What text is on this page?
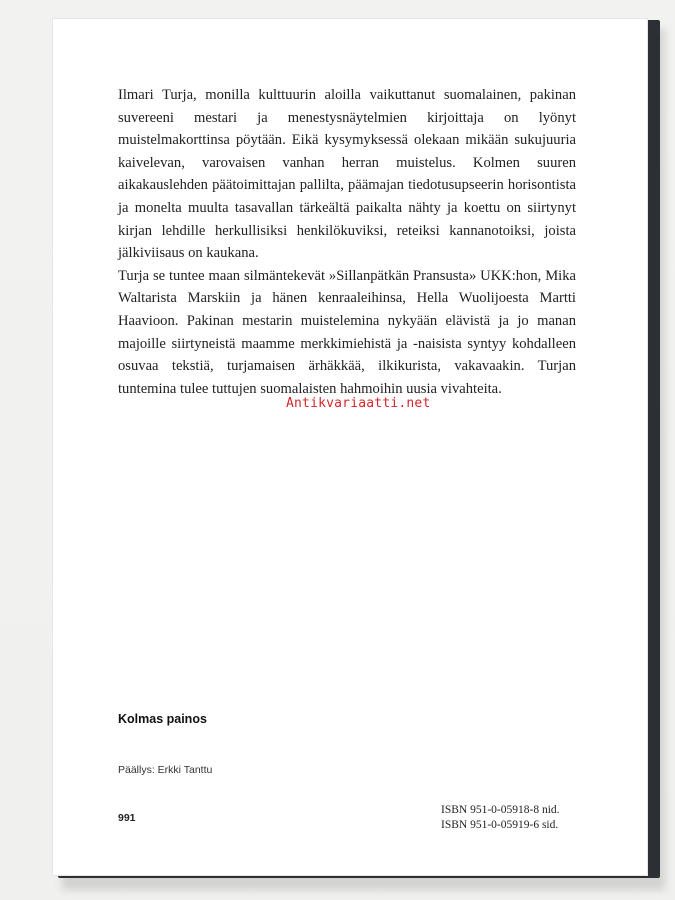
Ilmari Turja, monilla kulttuurin aloilla vaikuttanut suomalainen, pakinan suvereeni mestari ja menestysnäytelmien kirjoittaja on lyönyt muistelmakorttinsa pöytään. Eikä kysymyksessä olekaan mikään sukujuuria kaivelevan, varovaisen vanhan herran muistelus. Kolmen suuren aikakauslehden päätoimittajan pallilta, päämajan tiedotusupseerin horisontista ja monelta muulta tasavallan tärkeältä paikalta nähty ja koettu on siirtynyt kirjan lehdille herkullisiksi henkilökuviksi, reteiksi kannanotoiksi, joista jälkiviisaus on kaukana.

Turja se tuntee maan silmäntekevät »Sillanpätkän Pransusta» UKK:hon, Mika Waltarista Marskiin ja hänen kenraaleihinsa, Hella Wuolijoesta Martti Haavioon. Pakinan mestarin muistelemina nykyään elävistä ja jo manan majoille siirtyneistä maamme merkkimiehistä ja -naisista syntyy kohdalleen osuvaa tekstiä, turjamaisen ärhäkkää, ilkikurista, vakavaakin. Turjan tuntemina tulee tuttujen suomalaisten hahmoihin uusia vivahteita.

Antikvariaatti.net
Kolmas painos
Päällys: Erkki Tanttu
991
ISBN 951-0-05918-8 nid.
ISBN 951-0-05919-6 sid.
